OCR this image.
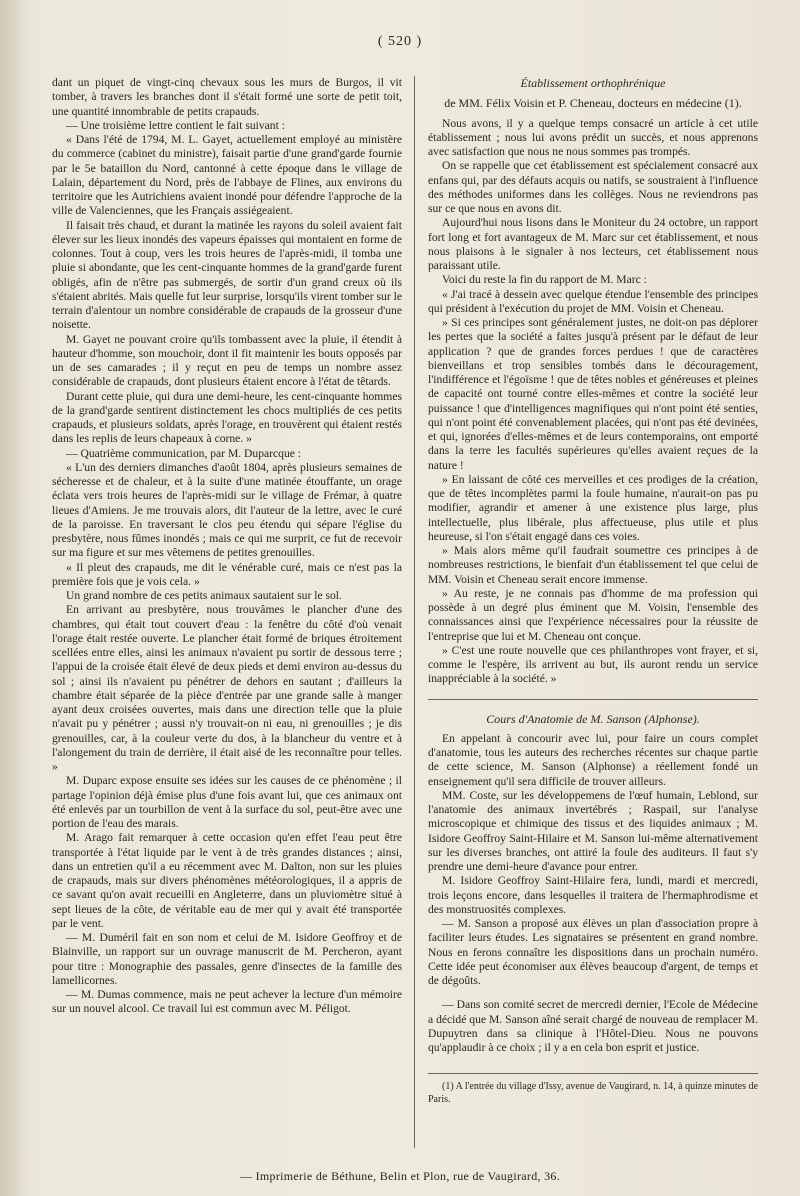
( 520 )

dant un piquet de vingt-cinq chevaux sous les murs de Burgos, il vit tomber, à travers les branches dont il s'était formé une sorte de petit toit, une quantité innombrable de petits crapauds.

— Une troisième lettre contient le fait suivant :

« Dans l'été de 1794, M. L. Gayet, actuellement employé au ministère du commerce (cabinet du ministre), faisait partie d'une grand'garde fournie par le 5e bataillon du Nord, cantonné à cette époque dans le village de Lalain, département du Nord, près de l'abbaye de Flines, aux environs du territoire que les Autrichiens avaient inondé pour défendre l'approche de la ville de Valenciennes, que les Français assiégeaient.

Il faisait très chaud, et durant la matinée les rayons du soleil avaient fait élever sur les lieux inondés des vapeurs épaisses qui montaient en forme de colonnes. Tout à coup, vers les trois heures de l'après-midi, il tomba une pluie si abondante, que les cent-cinquante hommes de la grand'garde furent obligés, afin de n'être pas submergés, de sortir d'un grand creux où ils s'étaient abrités. Mais quelle fut leur surprise, lorsqu'ils virent tomber sur le terrain d'alentour un nombre considérable de crapauds de la grosseur d'une noisette.

M. Gayet ne pouvant croire qu'ils tombassent avec la pluie, il étendit à hauteur d'homme, son mouchoir, dont il fit maintenir les bouts opposés par un de ses camarades ; il y reçut en peu de temps un nombre assez considérable de crapauds, dont plusieurs étaient encore à l'état de têtards.

Durant cette pluie, qui dura une demi-heure, les cent-cinquante hommes de la grand'garde sentirent distinctement les chocs multipliés de ces petits crapauds, et plusieurs soldats, après l'orage, en trouvèrent qui étaient restés dans les replis de leurs chapeaux à corne. »

— Quatrième communication, par M. Duparcque :

« L'un des derniers dimanches d'août 1804, après plusieurs semaines de sécheresse et de chaleur, et à la suite d'une matinée étouffante, un orage éclata vers trois heures de l'après-midi sur le village de Frémar, à quatre lieues d'Amiens. Je me trouvais alors, dit l'auteur de la lettre, avec le curé de la paroisse. En traversant le clos peu étendu qui sépare l'église du presbytère, nous fûmes inondés ; mais ce qui me surprit, ce fut de recevoir sur ma figure et sur mes vêtemens de petites grenouilles.

« Il pleut des crapauds, me dit le vénérable curé, mais ce n'est pas la première fois que je vois cela. »

Un grand nombre de ces petits animaux sautaient sur le sol.

En arrivant au presbytère, nous trouvâmes le plancher d'une des chambres, qui était tout couvert d'eau : la fenêtre du côté d'où venait l'orage était restée ouverte. Le plancher était formé de briques étroitement scellées entre elles, ainsi les animaux n'avaient pu sortir de dessous terre ; l'appui de la croisée était élevé de deux pieds et demi environ au-dessus du sol ; ainsi ils n'avaient pu pénétrer de dehors en sautant ; d'ailleurs la chambre était séparée de la pièce d'entrée par une grande salle à manger ayant deux croisées ouvertes, mais dans une direction telle que la pluie n'avait pu y pénétrer ; aussi n'y trouvait-on ni eau, ni grenouilles ; je dis grenouilles, car, à la couleur verte du dos, à la blancheur du ventre et à l'alongement du train de derrière, il était aisé de les reconnaître pour telles. »

M. Duparc expose ensuite ses idées sur les causes de ce phénomène ; il partage l'opinion déjà émise plus d'une fois avant lui, que ces animaux ont été enlevés par un tourbillon de vent à la surface du sol, peut-être avec une portion de l'eau des marais.

M. Arago fait remarquer à cette occasion qu'en effet l'eau peut être transportée à l'état liquide par le vent à de très grandes distances ; ainsi, dans un entretien qu'il a eu récemment avec M. Dalton, non sur les pluies de crapauds, mais sur divers phénomènes météorologiques, il a appris de ce savant qu'on avait recueilli en Angleterre, dans un pluviomètre situé à sept lieues de la côte, de véritable eau de mer qui y avait été transportée par le vent.

— M. Duméril fait en son nom et celui de M. Isidore Geoffroy et de Blainville, un rapport sur un ouvrage manuscrit de M. Percheron, ayant pour titre : Monographie des passales, genre d'insectes de la famille des lamellicornes.

— M. Dumas commence, mais ne peut achever la lecture d'un mémoire sur un nouvel alcool. Ce travail lui est commun avec M. Péligot.

Établissement orthophrénique
de MM. Félix Voisin et P. Cheneau, docteurs en médecine (1).

Nous avons, il y a quelque temps consacré un article à cet utile établissement ; nous lui avons prédit un succès, et nous apprenons avec satisfaction que nous ne nous sommes pas trompés.

On se rappelle que cet établissement est spécialement consacré aux enfans qui, par des défauts acquis ou natifs, se soustraient à l'influence des méthodes uniformes dans les collèges. Nous ne reviendrons pas sur ce que nous en avons dit.

Aujourd'hui nous lisons dans le Moniteur du 24 octobre, un rapport fort long et fort avantageux de M. Marc sur cet établissement, et nous nous plaisons à le signaler à nos lecteurs, cet établissement nous paraissant utile.

Voici du reste la fin du rapport de M. Marc :

« J'ai tracé à dessein avec quelque étendue l'ensemble des principes qui président à l'exécution du projet de MM. Voisin et Cheneau.

» Si ces principes sont généralement justes, ne doit-on pas déplorer les pertes que la société a faites jusqu'à présent par le défaut de leur application ? que de grandes forces perdues ! que de caractères bienveillans et trop sensibles tombés dans le découragement, l'indifférence et l'égoïsme ! que de têtes nobles et généreuses et pleines de capacité ont tourné contre elles-mêmes et contre la société leur puissance ! que d'intelligences magnifiques qui n'ont point été senties, qui n'ont point été convenablement placées, qui n'ont pas été devinées, et qui, ignorées d'elles-mêmes et de leurs contemporains, ont emporté dans la terre les facultés supérieures qu'elles avaient reçues de la nature !

» En laissant de côté ces merveilles et ces prodiges de la création, que de têtes incomplètes parmi la foule humaine, n'aurait-on pas pu modifier, agrandir et amener à une existence plus large, plus intellectuelle, plus libérale, plus affectueuse, plus utile et plus heureuse, si l'on s'était engagé dans ces voies.

» Mais alors même qu'il faudrait soumettre ces principes à de nombreuses restrictions, le bienfait d'un établissement tel que celui de MM. Voisin et Cheneau serait encore immense.

» Au reste, je ne connais pas d'homme de ma profession qui possède à un degré plus éminent que M. Voisin, l'ensemble des connaissances ainsi que l'expérience nécessaires pour la réussite de l'entreprise que lui et M. Cheneau ont conçue.

» C'est une route nouvelle que ces philanthropes vont frayer, et si, comme le l'espère, ils arrivent au but, ils auront rendu un service inappréciable à la société. »

Cours d'Anatomie de M. Sanson (Alphonse).

En appelant à concourir avec lui, pour faire un cours complet d'anatomie, tous les auteurs des recherches récentes sur chaque partie de cette science, M. Sanson (Alphonse) a réellement fondé un enseignement qu'il sera difficile de trouver ailleurs.

MM. Coste, sur les développemens de l'œuf humain, Leblond, sur l'anatomie des animaux invertébrés ; Raspail, sur l'analyse microscopique et chimique des tissus et des liquides animaux ; M. Isidore Geoffroy Saint-Hilaire et M. Sanson lui-même alternativement sur les diverses branches, ont attiré la foule des auditeurs. Il faut s'y prendre une demi-heure d'avance pour entrer.

M. Isidore Geoffroy Saint-Hilaire fera, lundi, mardi et mercredi, trois leçons encore, dans lesquelles il traitera de l'hermaphrodisme et des monstruosités complexes.

— M. Sanson a proposé aux élèves un plan d'association propre à faciliter leurs études. Les signataires se présentent en grand nombre. Nous en ferons connaître les dispositions dans un prochain numéro. Cette idée peut économiser aux élèves beaucoup d'argent, de temps et de dégoûts.

— Dans son comité secret de mercredi dernier, l'Ecole de Médecine a décidé que M. Sanson aîné serait chargé de nouveau de remplacer M. Dupuytren dans sa clinique à l'Hôtel-Dieu. Nous ne pouvons qu'applaudir à ce choix ; il y a en cela bon esprit et justice.

(1) A l'entrée du village d'Issy, avenue de Vaugirard, n. 14, à quinze minutes de Paris.

— Imprimerie de Béthune, Belin et Plon, rue de Vaugirard, 36.
